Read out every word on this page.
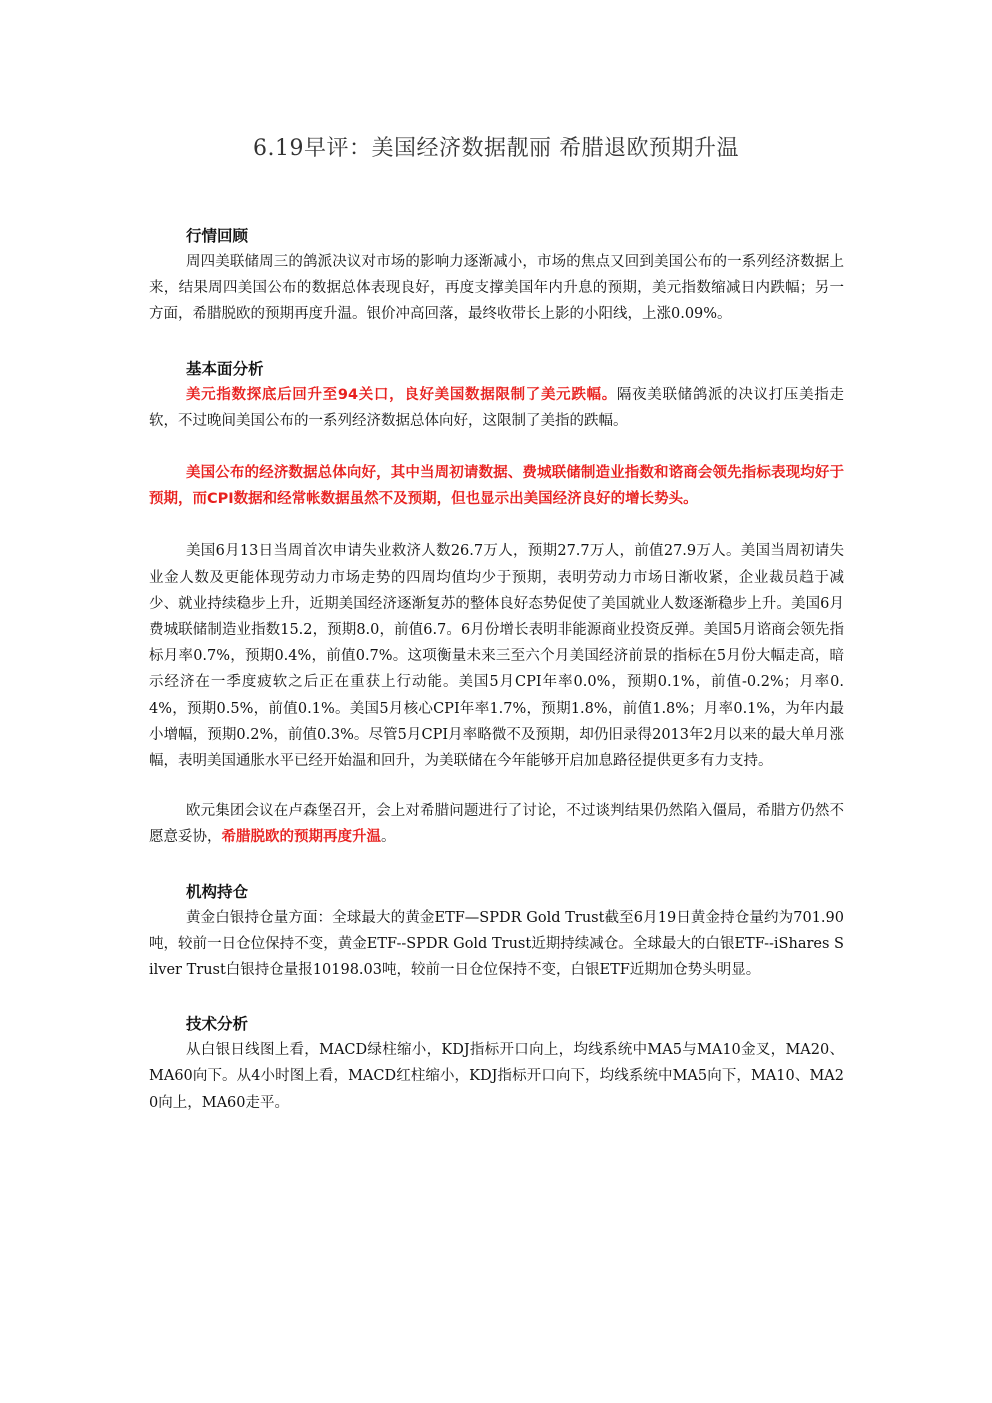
6.19早评：美国经济数据靓丽 希腊退欧预期升温
行情回顾

周四美联储周三的鸽派决议对市场的影响力逐渐减小，市场的焦点又回到美国公布的一系列经济数据上来，结果周四美国公布的数据总体表现良好，再度支撑美国年内升息的预期，美元指数缩减日内跌幅；另一方面，希腊脱欧的预期再度升温。银价冲高回落，最终收带长上影的小阳线，上涨0.09%。

基本面分析

美元指数探底后回升至94关口，良好美国数据限制了美元跌幅。隔夜美联储鸽派的决议打压美指走软，不过晚间美国公布的一系列经济数据总体向好，这限制了美指的跌幅。

美国公布的经济数据总体向好，其中当周初请数据、费城联储制造业指数和谘商会领先指标表现均好于预期，而CPI数据和经常帐数据虽然不及预期，但也显示出美国经济良好的增长势头。

美国6月13日当周首次申请失业救济人数26.7万人，预期27.7万人，前值27.9万人。美国当周初请失业金人数及更能体现劳动力市场走势的四周均值均少于预期，表明劳动力市场日渐收紧，企业裁员趋于减少、就业持续稳步上升，近期美国经济逐渐复苏的整体良好态势促使了美国就业人数逐渐稳步上升。美国6月费城联储制造业指数15.2，预期8.0，前值6.7。6月份增长表明非能源商业投资反弹。美国5月谘商会领先指标月率0.7%，预期0.4%，前值0.7%。这项衡量未来三至六个月美国经济前景的指标在5月份大幅走高，暗示经济在一季度疲软之后正在重获上行动能。美国5月CPI年率0.0%，预期0.1%，前值-0.2%；月率0.4%，预期0.5%，前值0.1%。美国5月核心CPI年率1.7%，预期1.8%，前值1.8%；月率0.1%，为年内最小增幅，预期0.2%，前值0.3%。尽管5月CPI月率略微不及预期，却仍旧录得2013年2月以来的最大单月涨幅，表明美国通胀水平已经开始温和回升，为美联储在今年能够开启加息路径提供更多有力支持。

欧元集团会议在卢森堡召开，会上对希腊问题进行了讨论，不过谈判结果仍然陷入僵局，希腊方仍然不愿意妥协，希腊脱欧的预期再度升温。

机构持仓

黄金白银持仓量方面：全球最大的黄金ETF—SPDR Gold Trust截至6月19日黄金持仓量约为701.90吨，较前一日仓位保持不变，黄金ETF--SPDR Gold Trust近期持续减仓。全球最大的白银ETF--iShares Silver Trust白银持仓量报10198.03吨，较前一日仓位保持不变，白银ETF近期加仓势头明显。

技术分析

从白银日线图上看，MACD绿柱缩小，KDJ指标开口向上，均线系统中MA5与MA10金叉，MA20、MA60向下。从4小时图上看，MACD红柱缩小，KDJ指标开口向下，均线系统中MA5向下，MA10、MA20向上，MA60走平。
